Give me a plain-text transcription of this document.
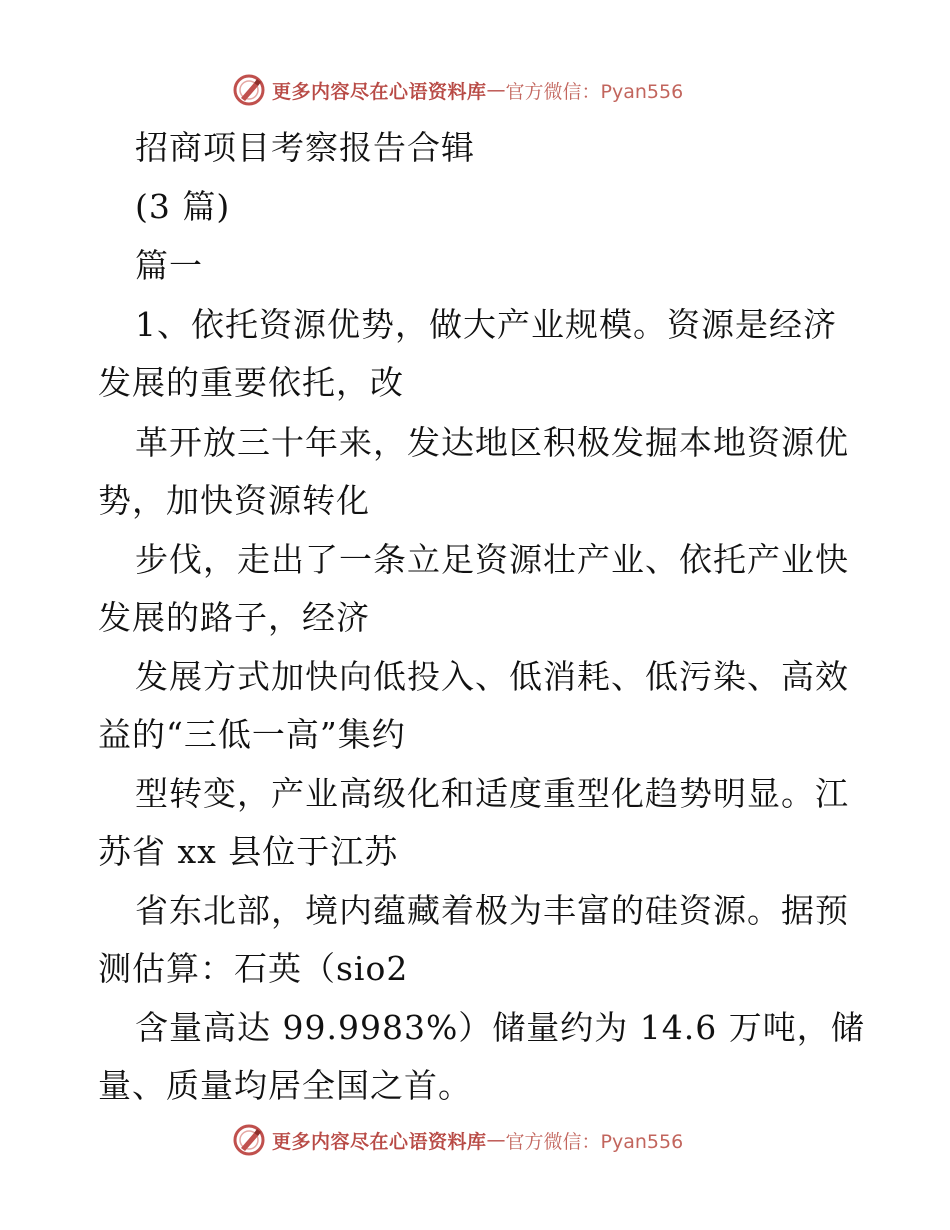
更多内容尽在心语资料库 — 官方微信：Pyan556
招商项目考察报告合辑
(3 篇)
篇一
1、依托资源优势，做大产业规模。资源是经济
发展的重要依托，改
革开放三十年来，发达地区积极发掘本地资源优
势，加快资源转化
步伐，走出了一条立足资源壮产业、依托产业快
发展的路子，经济
发展方式加快向低投入、低消耗、低污染、高效
益的“三低一高”集约
型转变，产业高级化和适度重型化趋势明显。江
苏省 xx 县位于江苏
省东北部，境内蕴藏着极为丰富的硅资源。据预
测估算：石英（sio2
含量高达 99.9983%）储量约为 14.6 万吨，储
量、质量均居全国之首。
更多内容尽在心语资料库 — 官方微信：Pyan556
